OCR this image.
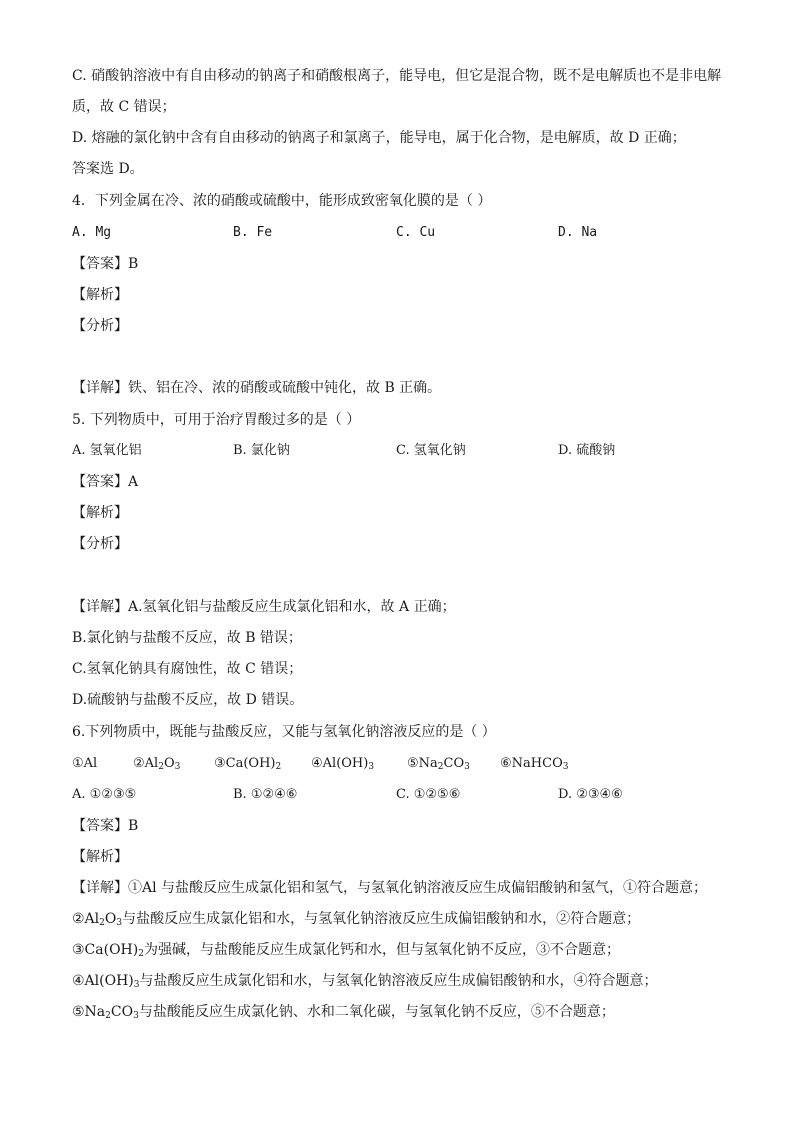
C. 硝酸钠溶液中有自由移动的钠离子和硝酸根离子，能导电，但它是混合物，既不是电解质也不是非电解
质，故 C 错误；
D. 熔融的氯化钠中含有自由移动的钠离子和氯离子，能导电，属于化合物，是电解质，故 D 正确；
答案选 D。
4．下列金属在冷、浓的硝酸或硫酸中，能形成致密氧化膜的是（ ）
A. Mg	B. Fe	C. Cu	D. Na
【答案】B
【解析】
【分析】
【详解】铁、铝在冷、浓的硝酸或硫酸中钝化，故 B 正确。
5. 下列物质中，可用于治疗胃酸过多的是（ ）
A. 氢氧化铝	B. 氯化钠	C. 氢氧化钠	D. 硫酸钠
【答案】A
【解析】
【分析】
【详解】A.氢氧化铝与盐酸反应生成氯化铝和水，故 A 正确；
B.氯化钠与盐酸不反应，故 B 错误；
C.氢氧化钠具有腐蚀性，故 C 错误；
D.硫酸钠与盐酸不反应，故 D 错误。
6.下列物质中，既能与盐酸反应，又能与氢氧化钠溶液反应的是（ ）
①Al	$②Al_2O_3$	$③Ca(OH)_2$ $④Al(OH)_3$	$⑤Na_2CO_3$ ⑥NaHCO$_3$
A. ①②③⑤	B. ①②④⑥	C. ①②⑤⑥	D. ②③④⑥
【答案】B
【解析】
【详解】①Al 与盐酸反应生成氯化铝和氢气，与氢氧化钠溶液反应生成偏铝酸钠和氢气，①符合题意；
$②Al_2O_3$与盐酸反应生成氯化铝和水，与氢氧化钠溶液反应生成偏铝酸钠和水，②符合题意；
$③Ca(OH)_2$为强碱，与盐酸能反应生成氯化钙和水，但与氢氧化钠不反应，③不合题意；
$④Al(OH)_3$与盐酸反应生成氯化铝和水，与氢氧化钠溶液反应生成偏铝酸钠和水，④符合题意；
$⑤Na_2CO_3$与盐酸能反应生成氯化钠、水和二氧化碳，与氢氧化钠不反应，⑤不合题意；
